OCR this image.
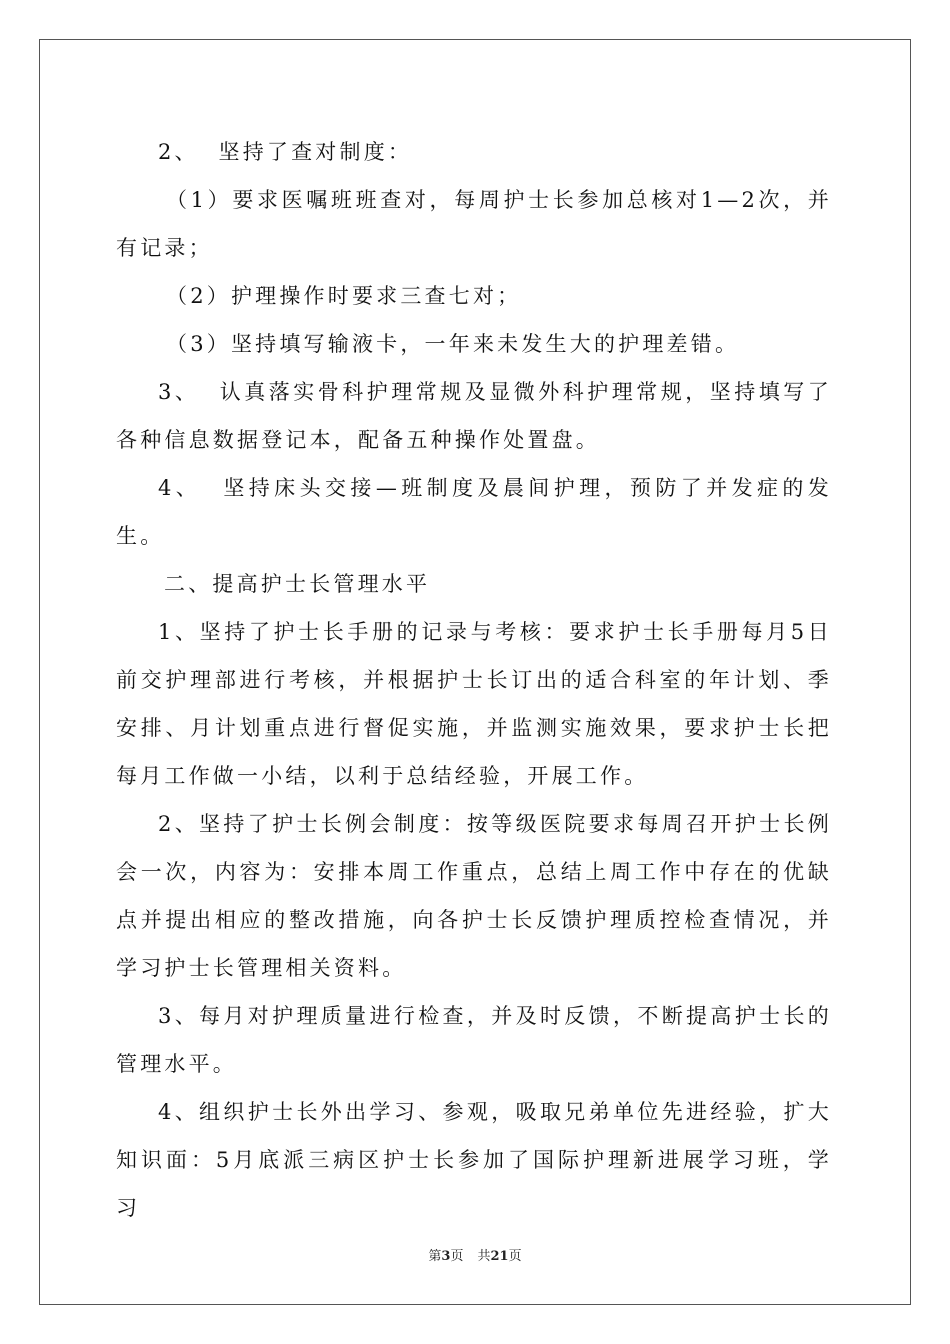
2、  坚持了查对制度：

（1）要求医嘱班班查对，每周护士长参加总核对1—2次，并有记录；

（2）护理操作时要求三查七对；

（3）坚持填写输液卡，一年来未发生大的护理差错。

3、  认真落实骨科护理常规及显微外科护理常规，坚持填写了各种信息数据登记本，配备五种操作处置盘。

4、  坚持床头交接—班制度及晨间护理，预防了并发症的发生。

二、提高护士长管理水平

1、坚持了护士长手册的记录与考核：要求护士长手册每月5日前交护理部进行考核，并根据护士长订出的适合科室的年计划、季安排、月计划重点进行督促实施，并监测实施效果，要求护士长把每月工作做一小结，以利于总结经验，开展工作。

2、坚持了护士长例会制度：按等级医院要求每周召开护士长例会一次，内容为：安排本周工作重点，总结上周工作中存在的优缺点并提出相应的整改措施，向各护士长反馈护理质控检查情况，并学习护士长管理相关资料。

3、每月对护理质量进行检查，并及时反馈，不断提高护士长的管理水平。

4、组织护士长外出学习、参观，吸取兄弟单位先进经验，扩大知识面：5月底派三病区护士长参加了国际护理新进展学习班，学习

第3页 共21页
